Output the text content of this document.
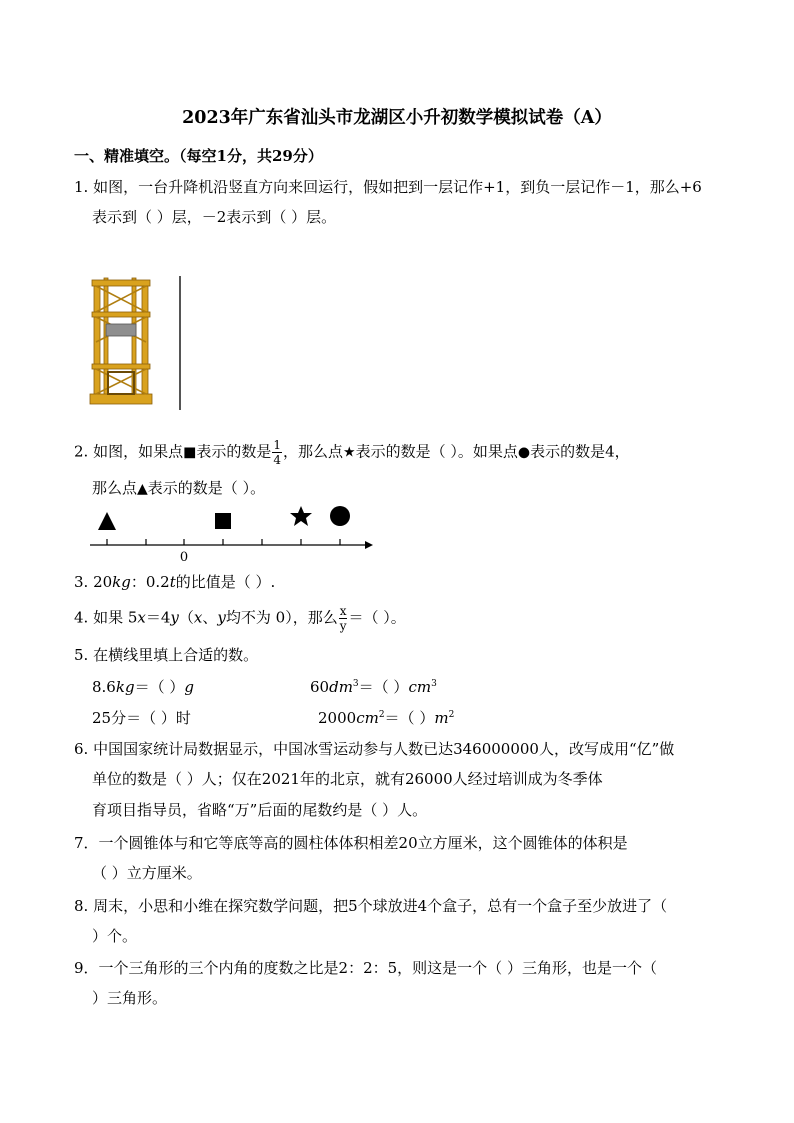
2023年广东省汕头市龙湖区小升初数学模拟试卷（A）
一、精准填空。（每空1分，共29分）
1. 如图，一台升降机沿竖直方向来回运行，假如把到一层记作+1，到负一层记作－1，那么+6
表示到（ ）层，－2表示到（ ）层。
2. 如图，如果点■表示的数是 $\frac{1}{4}$ ，那么点★表示的数是（ ）。如果点●表示的数是4，
那么点▲表示的数是（ ）。
0
3. 20kg：0.2t的比值是（ ）.
4. 如果 5x＝4y（x、y均不为 0），那么 $\frac{x}{y}$ ＝（ ）。
5. 在横线里填上合适的数。
8.6kg＝（ ）g	$60dm^3=$（ ）$cm^3$
25分＝（ ）时	$2000cm^2=$（ ）$m^2$
6. 中国国家统计局数据显示，中国冰雪运动参与人数已达346000000人，改写成用“亿”做
单位的数是（ ）人；仅在2021年的北京，就有26000人经过培训成为冬季体
育项目指导员，省略“万”后面的尾数约是（ ）人。
7．一个圆锥体与和它等底等高的圆柱体体积相差20立方厘米，这个圆锥体的体积是
（ ）立方厘米。
8. 周末，小思和小维在探究数学问题，把5个球放进4个盒子，总有一个盒子至少放进了（
）个。
9．一个三角形的三个内角的度数之比是2：2：5，则这是一个（ ）三角形，也是一个（
）三角形。
